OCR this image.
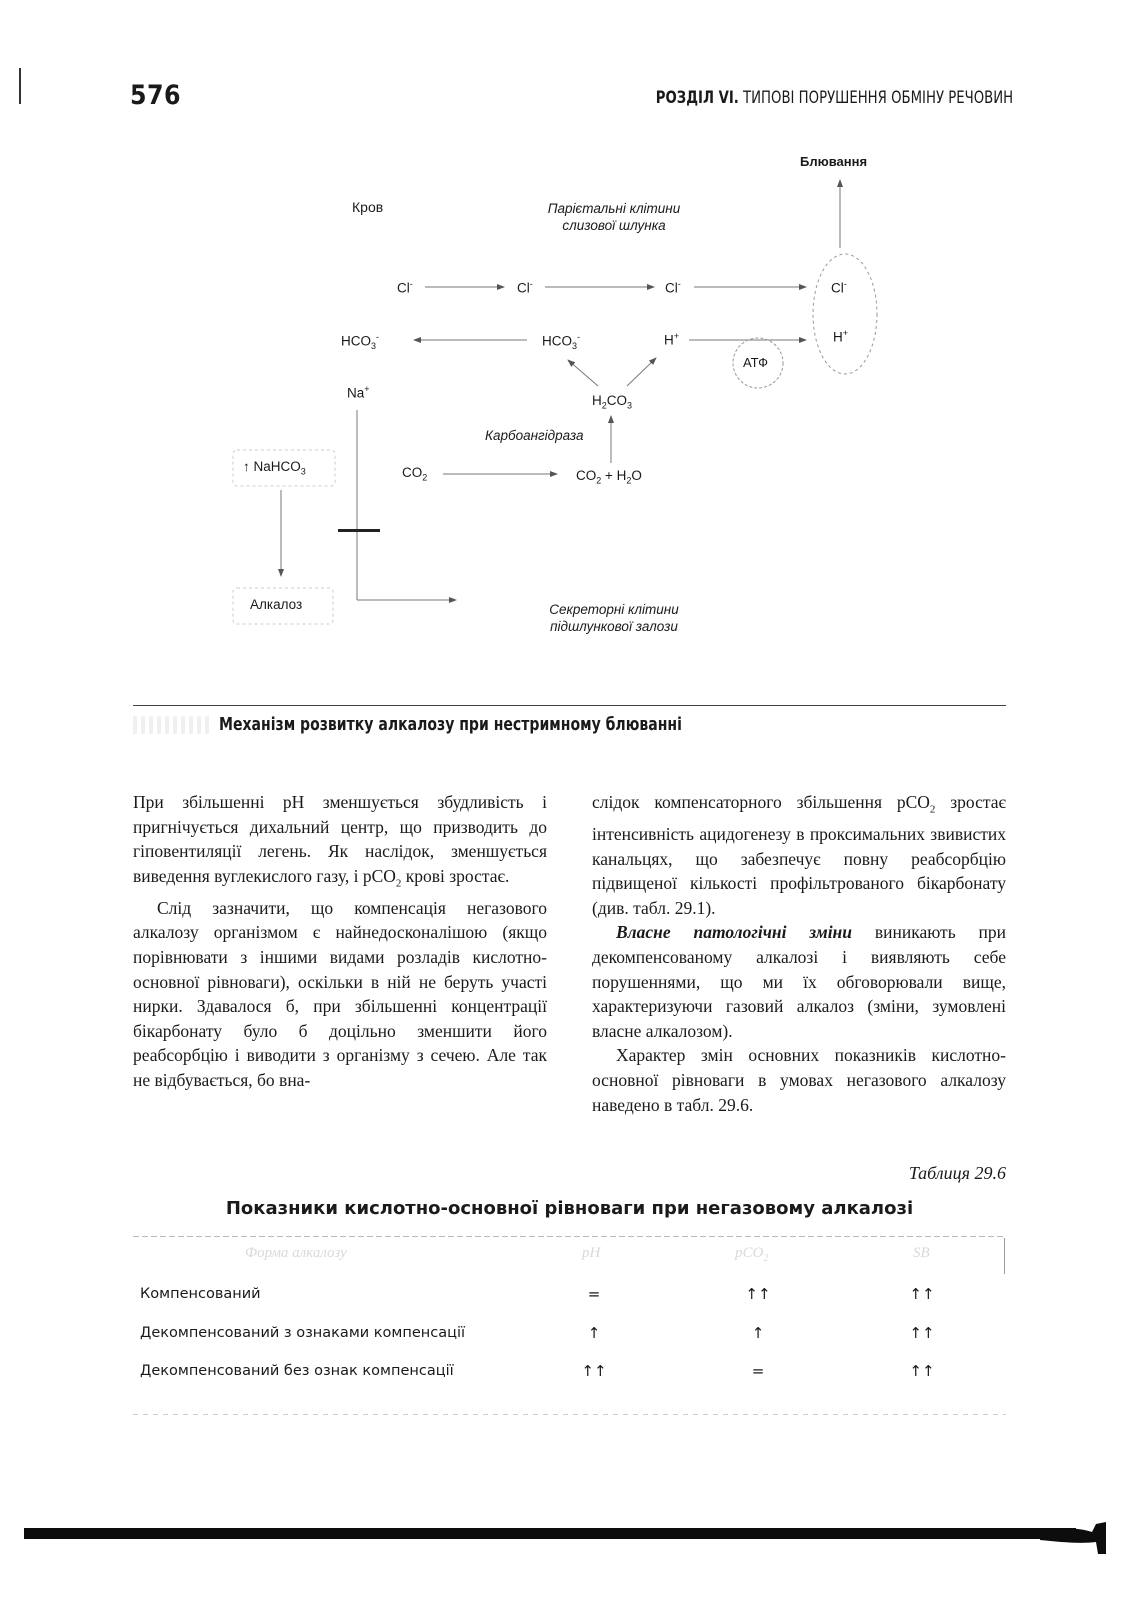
576	РОЗДІЛ VI. ТИПОВІ ПОРУШЕННЯ ОБМІНУ РЕЧОВИН
Блювання
Кров	Парієтальні клітини
слизової шлунка
Cl-	Cl-	Cl-	Cl-
$HCO_3^-$	$HCO_3^-$	H+	H+
АТФ
Na+
$H_2CO_3$
Карбоангідраза
↑ NaHCO$_3$	$CO_2$	$CO_2 + H_2O$
Алкалоз	Секреторні клітини
підшлункової залози
Механізм розвитку алкалозу при нестримному блюванні

При збільшенні pH зменшується збудливість і пригнічується дихальний центр, що призводить до гіповентиляції легень. Як наслідок, зменшується виведення вуглекислого газу, і pCO$_2$ крові зростає.

Слід зазначити, що компенсація негазового алкалозу організмом є найнедосконалішою (якщо порівнювати з іншими видами розладів кислотно-основної рівноваги), оскільки в ній не беруть участі нирки. Здавалося б, при збільшенні концентрації бікарбонату було б доцільно зменшити його реабсорбцію і виводити з організму з сечею. Але так не відбувається, бо вна-

слідок компенсаторного збільшення pCO$_2$ зростає інтенсивність ацидогенезу в проксимальних звивистих канальцях, що забезпечує повну реабсорбцію підвищеної кількості профільтрованого бікарбонату (див. табл. 29.1).

Власне патологічні зміни виникають при декомпенсованому алкалозі і виявляють себе порушеннями, що ми їх обговорювали вище, характеризуючи газовий алкалоз (зміни, зумовлені власне алкалозом).

Характер змін основних показників кислотно-основної рівноваги в умовах негазового алкалозу наведено в табл. 29.6.

Таблиця 29.6
Показники кислотно-основної рівноваги при негазовому алкалозі
Форма алкалозу	pH	pCO$_2$	SB
Компенсований	=	↑↑	↑↑
Декомпенсований з ознаками компенсації	↑	↑	↑↑
Декомпенсований без ознак компенсації	↑↑	=	↑↑
